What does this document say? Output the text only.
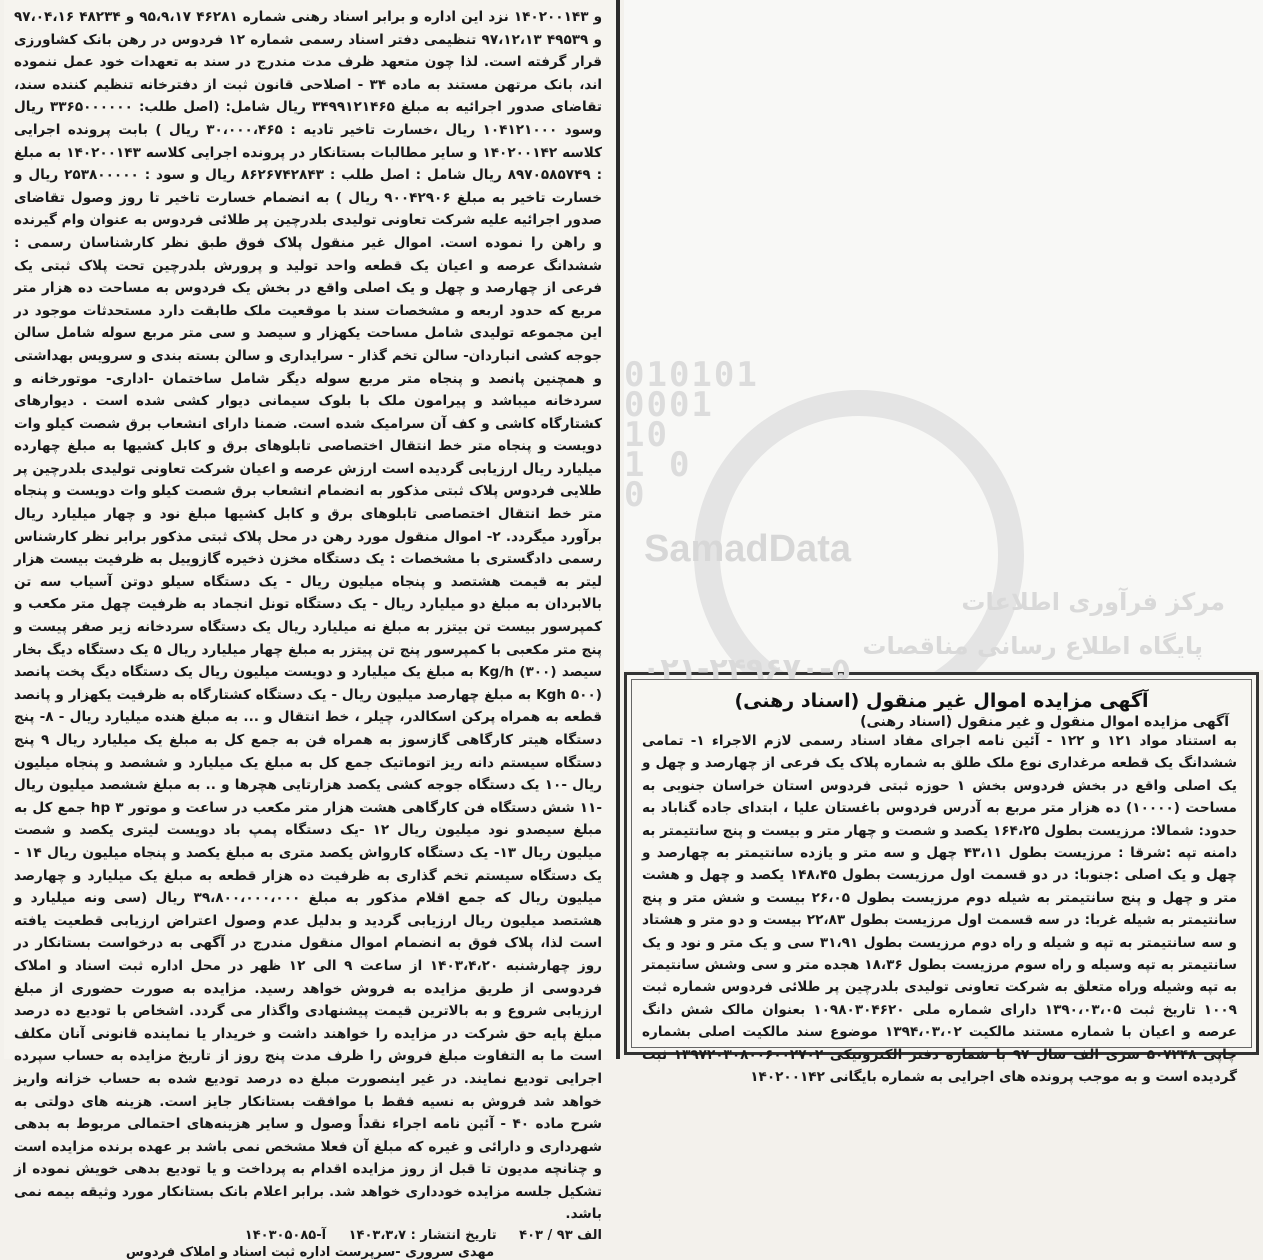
و ۱۴۰۲۰۰۱۴۳ نزد این اداره و برابر اسناد رهنی شماره ۴۶۲۸۱ ۹۵،۹،۱۷ و ۴۸۲۳۴ ۹۷،۰۴،۱۶ و ۴۹۵۳۹ ۹۷،۱۲،۱۳ تنظیمی دفتر اسناد رسمی شماره ۱۲ فردوس در رهن بانک کشاورزی قرار گرفته است. لذا چون متعهد ظرف مدت مندرج در سند به تعهدات خود عمل ننموده اند، بانک مرتهن مستند به ماده ۳۴ - اصلاحی قانون ثبت از دفترخانه تنظیم کننده سند، تقاضای صدور اجرائیه به مبلغ ۳۴۹۹۱۲۱۴۶۵ ریال شامل: (اصل طلب: ۳۳۶۵۰۰۰۰۰۰ ریال وسود ۱۰۴۱۲۱۰۰۰ ریال ،خسارت تاخیر تادیه : ۳۰،۰۰۰،۴۶۵ ریال ) بابت پرونده اجرایی کلاسه ۱۴۰۲۰۰۱۴۲ و سایر مطالبات بستانکار در پرونده اجرایی کلاسه ۱۴۰۲۰۰۱۴۳ به مبلغ : ۸۹۷۰۵۸۵۷۴۹ ریال شامل : اصل طلب : ۸۶۲۶۷۴۲۸۴۳ ریال و سود : ۲۵۳۸۰۰۰۰۰ ریال و خسارت تاخیر به مبلغ ۹۰۰۴۲۹۰۶ ریال ) به انضمام خسارت تاخیر تا روز وصول تقاضای صدور اجرائیه علیه شرکت تعاونی تولیدی بلدرچین پر طلائی فردوس به عنوان وام گیرنده و راهن را نموده است. اموال غیر منقول پلاک فوق طبق نظر کارشناسان رسمی : ششدانگ عرصه و اعیان یک قطعه واحد تولید و پرورش بلدرچین تحت پلاک ثبتی یک فرعی از چهارصد و چهل و یک اصلی واقع در بخش یک فردوس به مساحت ده هزار متر مربع که حدود اربعه و مشخصات سند با موقعیت ملک طابقت دارد مستحدثات موجود در این مجموعه تولیدی شامل مساحت یکهزار و سیصد و سی متر مربع سوله شامل سالن جوجه کشی انباردان- سالن تخم گذار - سرایداری و سالن بسته بندی و سرویس بهداشتی و همچنین پانصد و پنجاه متر مربع سوله دیگر شامل ساختمان -اداری- موتورخانه و سردخانه میباشد و پیرامون ملک با بلوک سیمانی دیوار کشی شده است . دیوارهای کشتارگاه کاشی و کف آن سرامیک شده است. ضمنا دارای انشعاب برق شصت کیلو وات دویست و پنجاه متر خط انتقال اختصاصی تابلوهای برق و کابل کشیها به مبلغ چهارده میلیارد ریال ارزیابی گردیده است ارزش عرصه و اعیان شرکت تعاونی تولیدی بلدرچین پر طلایی فردوس پلاک ثبتی مذکور به انضمام انشعاب برق شصت کیلو وات دویست و پنجاه متر خط انتقال اختصاصی تابلوهای برق و کابل کشیها مبلغ نود و چهار میلیارد ریال برآورد میگردد. ۲- اموال منقول مورد رهن در محل پلاک ثبتی مذکور برابر نظر کارشناس رسمی دادگستری با مشخصات : یک دستگاه مخزن ذخیره گازوییل به ظرفیت بیست هزار لیتر به قیمت هشتصد و پنجاه میلیون ریال - یک دستگاه سیلو دوتن آسیاب سه تن بالابردان به مبلغ دو میلیارد ریال - یک دستگاه تونل انجماد به ظرفیت چهل متر مکعب و کمپرسور بیست تن بیتزر به مبلغ نه میلیارد ریال یک دستگاه سردخانه زیر صفر پیست و پنج متر مکعبی با کمپرسور پنج تن پیتزر به مبلغ چهار میلیارد ریال ۵ یک دستگاه دیگ بخار سیصد (۳۰۰) Kg/h به مبلغ یک میلیارد و دویست میلیون ریال یک دستگاه دیگ پخت پانصد (۵۰۰ Kgh به مبلغ چهارصد میلیون ریال - یک دستگاه کشتارگاه به ظرفیت یکهزار و پانصد قطعه به همراه پرکن اسکالدر، چیلر ، خط انتقال و ... به مبلغ هنده میلیارد ریال - ۸- پنج دستگاه هیتر کارگاهی گازسوز به همراه فن به جمع کل به مبلغ یک میلیارد ریال ۹ پنج دستگاه سیستم دانه ریز اتوماتیک جمع کل به مبلغ یک میلیارد و ششصد و پنجاه میلیون ریال -۱۰ یک دستگاه جوجه کشی یکصد هزارتایی هچرها و .. به مبلغ ششصد میلیون ریال -۱۱ شش دستگاه فن کارگاهی هشت هزار متر مکعب در ساعت و موتور hp ۳ جمع کل به مبلغ سیصدو نود میلیون ریال ۱۲ -یک دستگاه پمپ باد دویست لیتری یکصد و شصت میلیون ریال ۱۳- یک دستگاه کارواش یکصد متری به مبلغ یکصد و پنجاه میلیون ریال ۱۴ - یک دستگاه سیستم تخم گذاری به ظرفیت ده هزار قطعه به مبلغ یک میلیارد و چهارصد میلیون ریال که جمع اقلام مذکور به مبلغ ۳۹،۸۰۰،۰۰۰،۰۰۰ ریال (سی ونه میلیارد و هشتصد میلیون ریال ارزیابی گردید و بدلیل عدم وصول اعتراض ارزیابی قطعیت یافته است لذا، پلاک فوق به انضمام اموال منقول مندرج در آگهی به درخواست بستانکار در روز چهارشنبه ۱۴۰۳،۴،۲۰ از ساعت ۹ الی ۱۲ ظهر در محل اداره ثبت اسناد و املاک فردوسی از طریق مزایده به فروش خواهد رسید. مزایده به صورت حضوری از مبلغ ارزیابی شروع و به بالاترین قیمت پیشنهادی واگذار می گردد. اشخاص با تودیع ده درصد مبلغ پایه حق شرکت در مزایده را خواهند داشت و خریدار یا نماینده قانونی آنان مکلف است ما به التفاوت مبلغ فروش را ظرف مدت پنج روز از تاریخ مزایده به حساب سپرده اجرایی تودیع نمایند. در غیر اینصورت مبلغ ده درصد تودیع شده به حساب خزانه واریز خواهد شد فروش به نسیه فقط با موافقت بستانکار جایز است. هزینه های دولتی به شرح ماده ۴۰ - آئین نامه اجراء نقداً وصول و سایر هزینه‌های احتمالی مربوط به بدهی شهرداری و دارائی و غیره که مبلغ آن فعلا مشخص نمی باشد بر عهده برنده مزایده است و چنانچه مدیون تا قبل از روز مزایده اقدام به پرداخت و یا تودیع بدهی خویش نموده از تشکیل جلسه مزایده خودداری خواهد شد. برابر اعلام بانک بستانکار مورد وثیقه بیمه نمی باشد.

الف ۹۳ / ۴۰۳ تاریخ انتشار : ۱۴۰۳،۳،۷ آ-۱۴۰۳۰۵۰۸۵
مهدی سروری -سرپرست اداره ثبت اسناد و املاک فردوس
010101
0001
10
1 0
0
SamadData
مرکز فرآوری اطلاعات
پایگاه اطلاع رسانی مناقصات
۰۲۱-۲۴۹۶۷۰-۵
آگهی مزایده اموال غیر منقول (اسناد رهنی)
آگهی مزایده اموال منقول و غیر منقول (اسناد رهنی)

به استناد مواد ۱۲۱ و ۱۲۲ - آئین نامه اجرای مفاد اسناد رسمی لازم الاجراء ۱- تمامی ششدانگ یک قطعه مرغداری نوع ملک طلق به شماره پلاک یک فرعی از چهارصد و چهل و یک اصلی واقع در بخش فردوس بخش ۱ حوزه ثبتی فردوس استان خراسان جنوبی به مساحت (۱۰۰۰۰) ده هزار متر مربع به آدرس فردوس باغستان علیا ، ابتدای جاده گناباد به حدود: شمالا: مرزیست بطول ۱۶۴،۲۵ یکصد و شصت و چهار متر و بیست و پنج سانتیمتر به دامنه تپه :شرقا : مرزیست بطول ۴۳،۱۱ چهل و سه متر و یازده سانتیمتر به چهارصد و چهل و یک اصلی :جنوبا: در دو قسمت اول مرزیست بطول ۱۴۸،۴۵ یکصد و چهل و هشت متر و چهل و پنج سانتیمتر به شیله دوم مرزیست بطول ۲۶،۰۵ بیست و شش متر و پنج سانتیمتر به شیله غربا: در سه قسمت اول مرزیست بطول ۲۲،۸۳ بیست و دو متر و هشتاد و سه سانتیمتر به تپه و شیله و راه دوم مرزیست بطول ۳۱،۹۱ سی و یک متر و نود و یک سانتیمتر به تپه وسیله و راه سوم مرزیست بطول ۱۸،۳۶ هجده متر و سی وشش سانتیمتر به تپه وشیله وراه متعلق به شرکت تعاونی تولیدی بلدرچین پر طلائی فردوس شماره ثبت ۱۰۰۹ تاریخ ثبت ۱۳۹۰،۰۳،۰۵ دارای شماره ملی ۱۰۹۸۰۳۰۴۶۲۰ بعنوان مالک شش دانگ عرصه و اعیان با شماره مستند مالکیت ۱۳۹۴،۰۳،۰۲ موضوع سند مالکیت اصلی بشماره چاپی ۵۰۷۲۴۸ سری الف سال ۹۷ با شماره دفتر الکترونیکی ۱۳۹۷۲۰۳۰۸۰۰۶۰۰۲۷۰۲ ثبت گردیده است و به موجب پرونده های اجرایی به شماره بایگانی ۱۴۰۲۰۰۱۴۲
